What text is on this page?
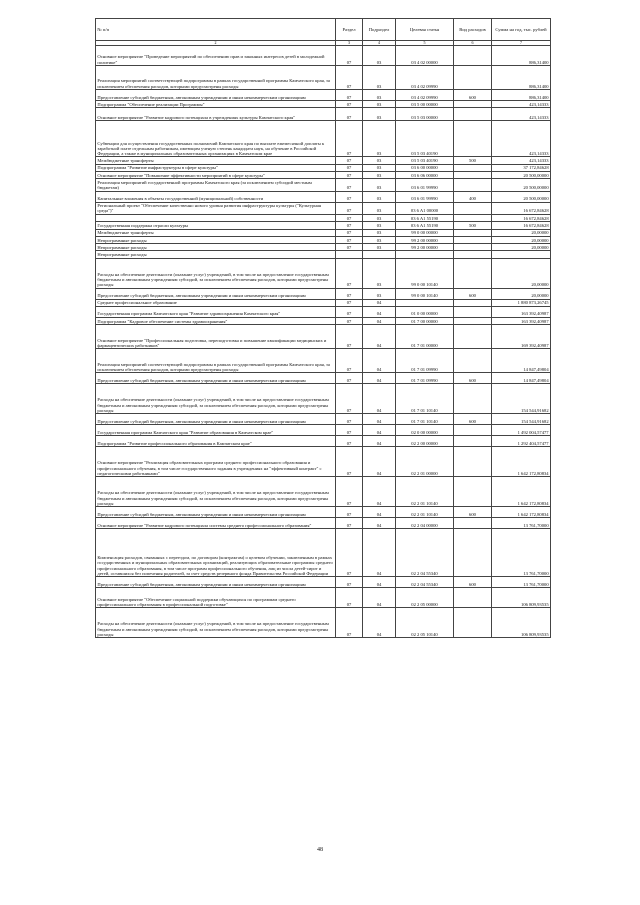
№ п/п	Раздел	Подраздел	Целевая статья	Вид расходов	Сумма на год, тыс. рублей
2	3	4	5	6	7
Основное мероприятие "Проведение мероприятий по обеспечению прав и законных интересов детей в молодежной политике"	07	03	03 4 02 00000		886,31400
Реализация мероприятий соответствующей подпрограммы в рамках государственной программы Камчатского края, за исключением обеспечения расходов, которыми предусмотрены расходы	07	03	03 4 02 09990		886,31400
Предоставление субсидий бюджетным, автономным учреждениям и иным некоммерческим организациям	07	03	03 4 02 09990	600	886,31400
Подпрограмма "Обеспечение реализации Программы"	07	03	03 5 00 00000		423,14333
Основное мероприятие "Развитие кадрового потенциала в учреждениях культуры Камчатского края"	07	03	03 5 03 00000		423,14333
Субвенции для осуществления государственных полномочий Камчатского края по выплате ежемесячной доплаты к заработной плате отдельным работникам, имеющим ученую степень кандидата наук, на обучение в Российской Федерации, а также в муниципальных образовательных организациях в Камчатском крае	07	03	03 5 03 40190		423,14333
Межбюджетные трансферты	07	03	03 5 03 40190	500	423,14333
Подпрограмма "Развитие инфраструктуры в сфере культуры"	07	03	03 6 00 00000		37 172,84628
Основное мероприятие "Повышение эффективности мероприятий в сфере культуры"	07	03	03 6 06 00000		20 500,00000
Реализация мероприятий государственной программы Камчатского края (за исключением субсидий местным бюджетам)	07	03	03 6 01 99990		20 500,00000
Капитальные вложения в объекты государственной (муниципальной) собственности	07	03	03 6 01 99990	400	20 500,00000
Региональный проект "Обеспечение качественно нового уровня развития инфраструктуры культуры ("Культурная среда")"	07	03	03 6 A1 00000		16 672,84628
	07	03	03 6 A1 55190		16 672,84628
Государственная поддержка отрасли культуры	07	03	03 6 A1 55190	500	16 672,84628
Межбюджетные трансферты	07	03	99 0 00 00000		20,00000
Непрограммные расходы	07	03	99 2 00 00000		20,00000
Непрограммные расходы	07	03	99 2 00 00000		20,00000
Непрограммные расходы					
Расходы на обеспечение деятельности (оказание услуг) учреждений, в том числе на предоставление государственным бюджетным и автономным учреждениям субсидий, за исключением обеспечения расходов, которыми предусмотрены расходы	07	03	99 0 00 10140		20,00000
Предоставление субсидий бюджетным, автономным учреждениям и иным некоммерческим организациям	07	03	99 0 00 10140	600	20,00000
Среднее профессиональное образование	07	04			1 880 873,26745
Государственная программа Камчатского края "Развитие здравоохранения Камчатского края"	07	04	01 0 00 00000		163 392,40987
Подпрограмма "Кадровое обеспечение системы здравоохранения"	07	04	01 7 00 00000		163 392,40987
Основное мероприятие "Профессиональная подготовка, переподготовка и повышение квалификации медицинских и фармацевтических работников"	07	04	01 7 01 00000		169 392,40987
Реализация мероприятий соответствующей подпрограммы в рамках государственной программы Камчатского края, за исключением обеспечения расходов, которыми предусмотрены расходы	07	04	01 7 01 09990		14 847,49804
Предоставление субсидий бюджетным, автономным учреждениям и иным некоммерческим организациям	07	04	01 7 01 09990	600	14 847,49804
Расходы на обеспечение деятельности (оказание услуг) учреждений, в том числе на предоставление государственным бюджетным и автономным учреждениям субсидий, за исключением обеспечения расходов, которыми предусмотрены расходы	07	04	01 7 01 10140		154 544,91682
Предоставление субсидий бюджетным, автономным учреждениям и иным некоммерческим организациям	07	04	01 7 01 10140	600	154 544,91682
Государственная программа Камчатского края "Развитие образования в Камчатском крае"	07	04	02 0 00 00000		1 492 004,57477
Подпрограмма "Развитие профессионального образования в Камчатском крае"	07	04	02 2 00 00000		1 292 404,57477
Основное мероприятие "Реализация образовательных программ среднего профессионального образования и профессионального обучения, в том числе государственного задания в учреждениях на "эффективный контракт" с педагогическими работниками"	07	04	02 2 01 00000		1 642 172,80834
Расходы на обеспечение деятельности (оказание услуг) учреждений, в том числе на предоставление государственным бюджетным и автономным учреждениям субсидий, за исключением обеспечения расходов, которыми предусмотрены расходы	07	04	02 2 01 10140		1 642 172,80834
Предоставление субсидий бюджетным, автономным учреждениям и иным некоммерческим организациям	07	04	02 2 01 10140	600	1 642 172,80834
Основное мероприятие "Развитие кадрового потенциала системы среднего профессионального образования"	07	04	02 2 04 00000		13 761,70000
Компенсация расходов, связанных с переездом, по договорам (контрактам) о целевом обучении, заключенным в рамках государственных и муниципальных образовательных организаций, реализующих образовательные программы среднего профессионального образования, в том числе программ профессионального обучения, лиц из числа детей-сирот и детей, оставшихся без попечения родителей, за счет средств резервного фонда Правительства Российской Федерации	07	04	02 2 04 55340		13 761,70000
Предоставление субсидий бюджетным, автономным учреждениям и иным некоммерческим организациям	07	04	02 2 04 55340	600	13 761,70000
Основное мероприятие "Обеспечение социальной поддержки обучающихся по программам среднего профессионального образования в профессиональной подготовке"	07	04	02 2 05 00000		106 809,93535
Расходы на обеспечение деятельности (оказание услуг) учреждений, в том числе на предоставление государственным бюджетным и автономным учреждениям субсидий, за исключением обеспечения расходов, которыми предусмотрены расходы	07	04	02 2 05 10140		106 809,93535
48
